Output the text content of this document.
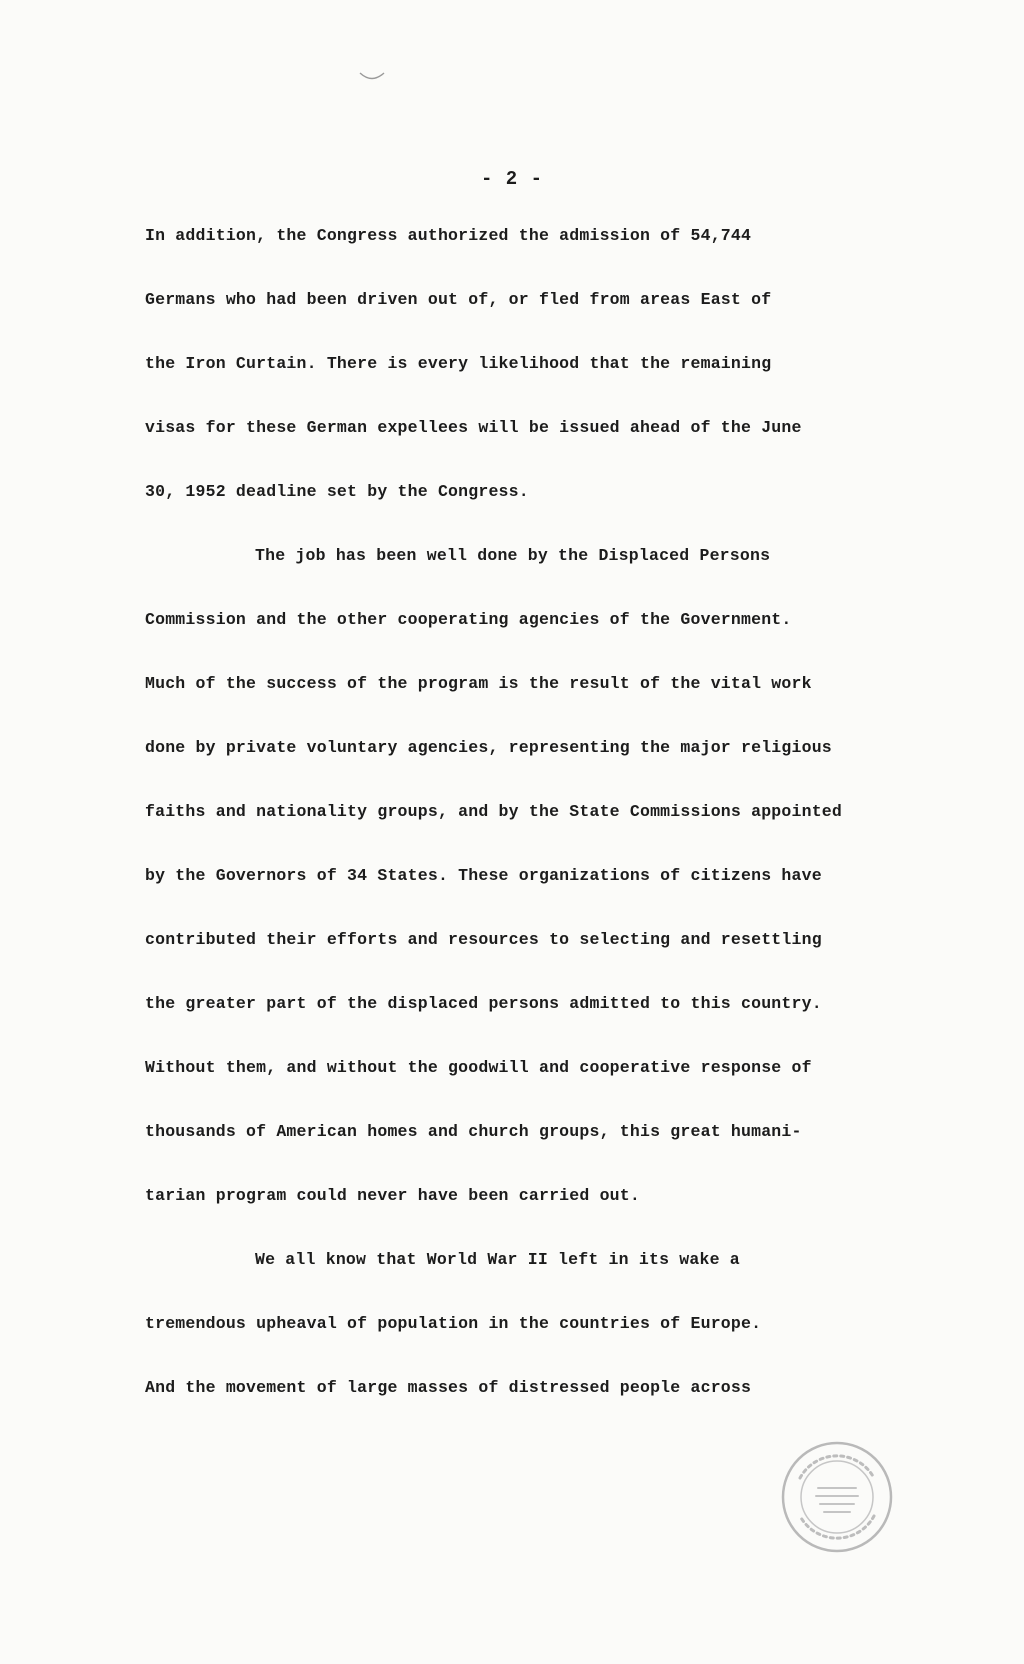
- 2 -
In addition, the Congress authorized the admission of 54,744
Germans who had been driven out of, or fled from areas East of
the Iron Curtain. There is every likelihood that the remaining
visas for these German expellees will be issued ahead of the June
30, 1952 deadline set by the Congress.
The job has been well done by the Displaced Persons
Commission and the other cooperating agencies of the Government.
Much of the success of the program is the result of the vital work
done by private voluntary agencies, representing the major religious
faiths and nationality groups, and by the State Commissions appointed
by the Governors of 34 States. These organizations of citizens have
contributed their efforts and resources to selecting and resettling
the greater part of the displaced persons admitted to this country.
Without them, and without the goodwill and cooperative response of
thousands of American homes and church groups, this great humani-
tarian program could never have been carried out.
We all know that World War II left in its wake a
tremendous upheaval of population in the countries of Europe.
And the movement of large masses of distressed people across
